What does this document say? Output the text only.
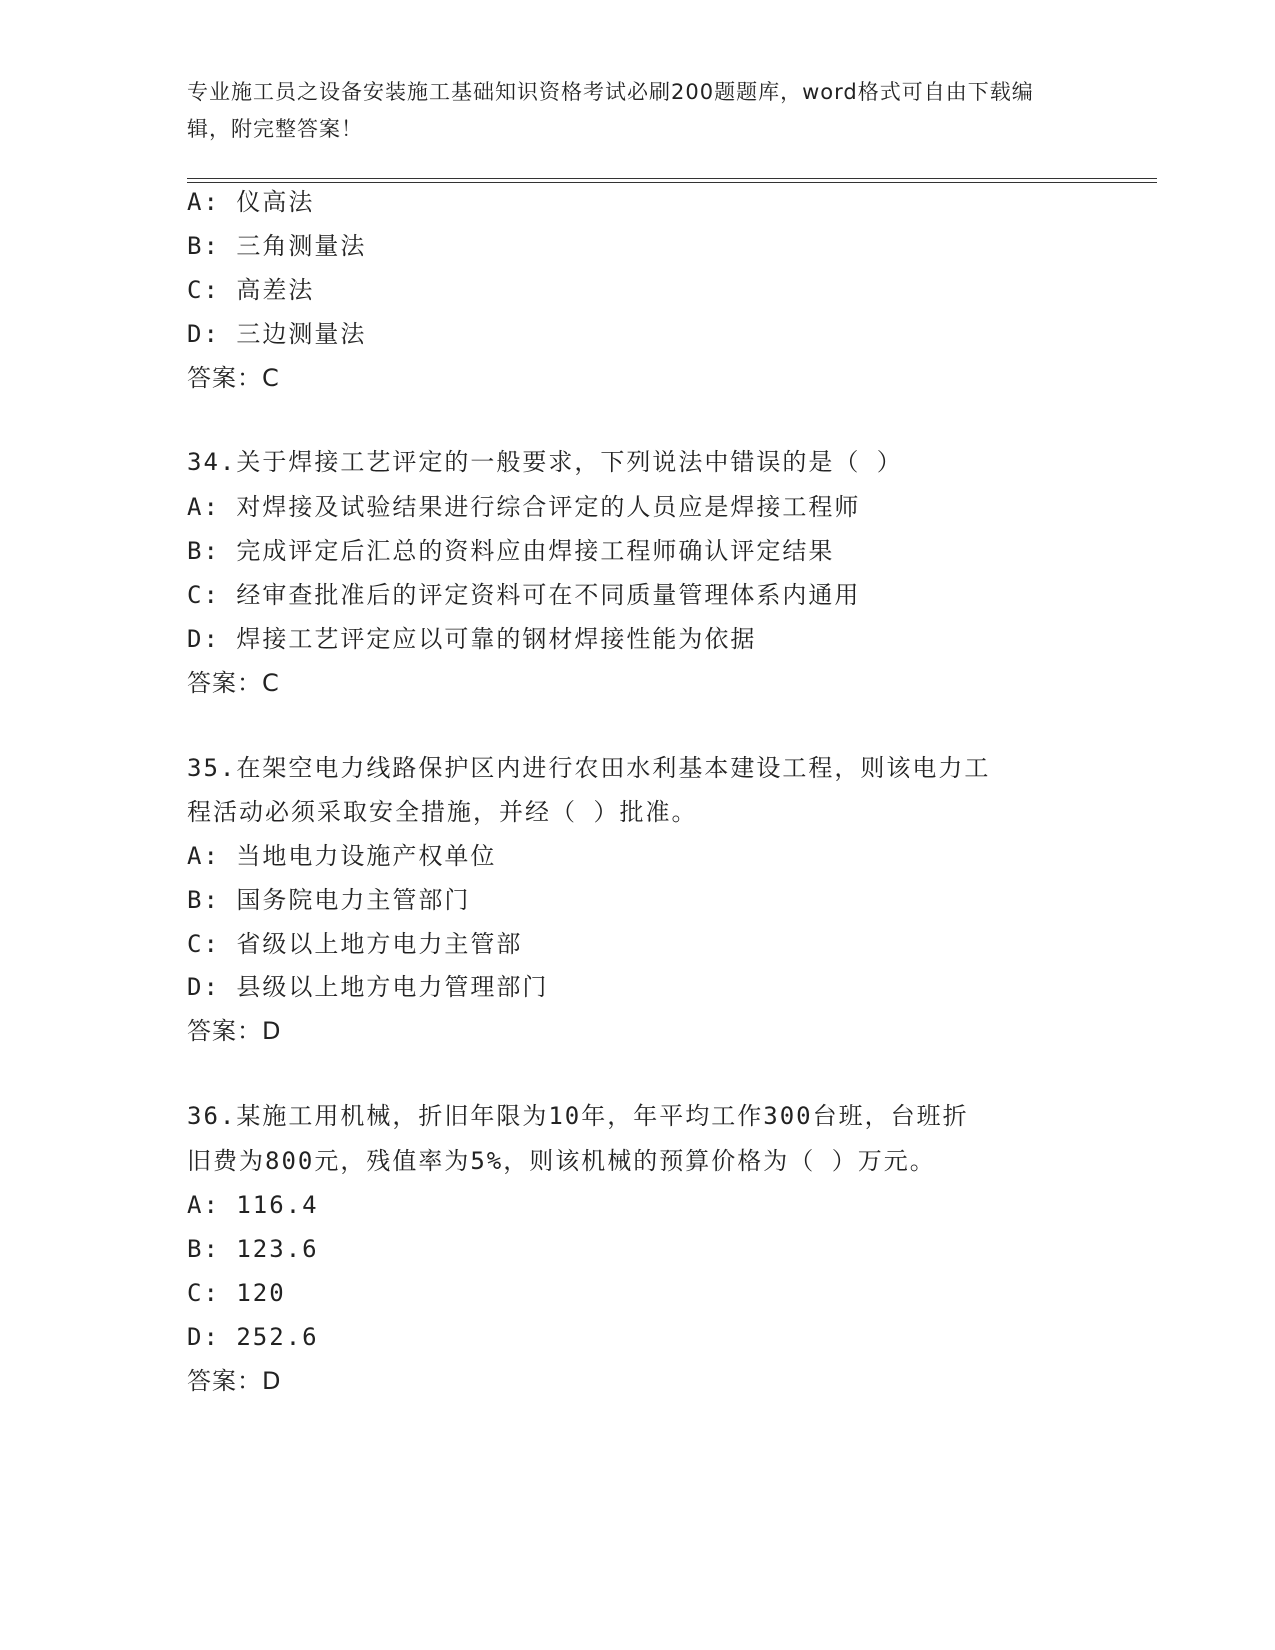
专业施工员之设备安装施工基础知识资格考试必刷200题题库，word格式可自由下载编辑，附完整答案！
A: 仪高法
B: 三角测量法
C: 高差法
D: 三边测量法
答案：C
34.关于焊接工艺评定的一般要求，下列说法中错误的是（ ）
A: 对焊接及试验结果进行综合评定的人员应是焊接工程师
B: 完成评定后汇总的资料应由焊接工程师确认评定结果
C: 经审查批准后的评定资料可在不同质量管理体系内通用
D: 焊接工艺评定应以可靠的钢材焊接性能为依据
答案：C
35.在架空电力线路保护区内进行农田水利基本建设工程，则该电力工
程活动必须采取安全措施，并经（ ）批准。
A: 当地电力设施产权单位
B: 国务院电力主管部门
C: 省级以上地方电力主管部
D: 县级以上地方电力管理部门
答案：D
36.某施工用机械，折旧年限为10年，年平均工作300台班，台班折
旧费为800元，残值率为5%，则该机械的预算价格为（ ）万元。
A: 116.4
B: 123.6
C: 120
D: 252.6
答案：D
